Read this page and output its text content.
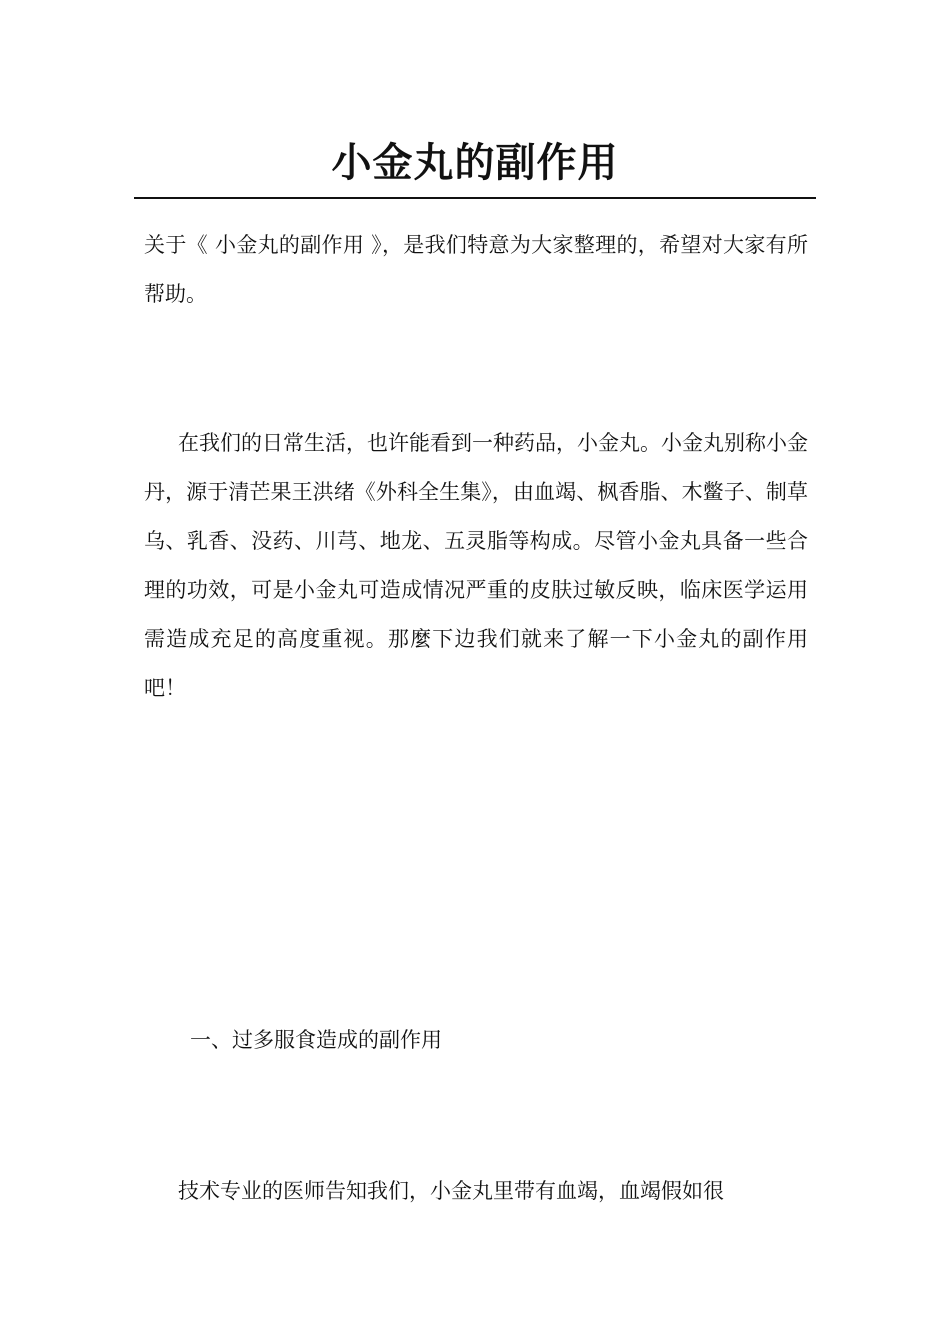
小金丸的副作用

关于《 小金丸的副作用 》，是我们特意为大家整理的，希望对大家有所帮助。

在我们的日常生活，也许能看到一种药品，小金丸。小金丸别称小金丹，源于清芒果王洪绪《外科全生集》，由血竭、枫香脂、木鳖子、制草乌、乳香、没药、川芎、地龙、五灵脂等构成。尽管小金丸具备一些合理的功效，可是小金丸可造成情况严重的皮肤过敏反映，临床医学运用需造成充足的高度重视。那麼下边我们就来了解一下小金丸的副作用吧！

一、过多服食造成的副作用

技术专业的医师告知我们，小金丸里带有血竭，血竭假如很
